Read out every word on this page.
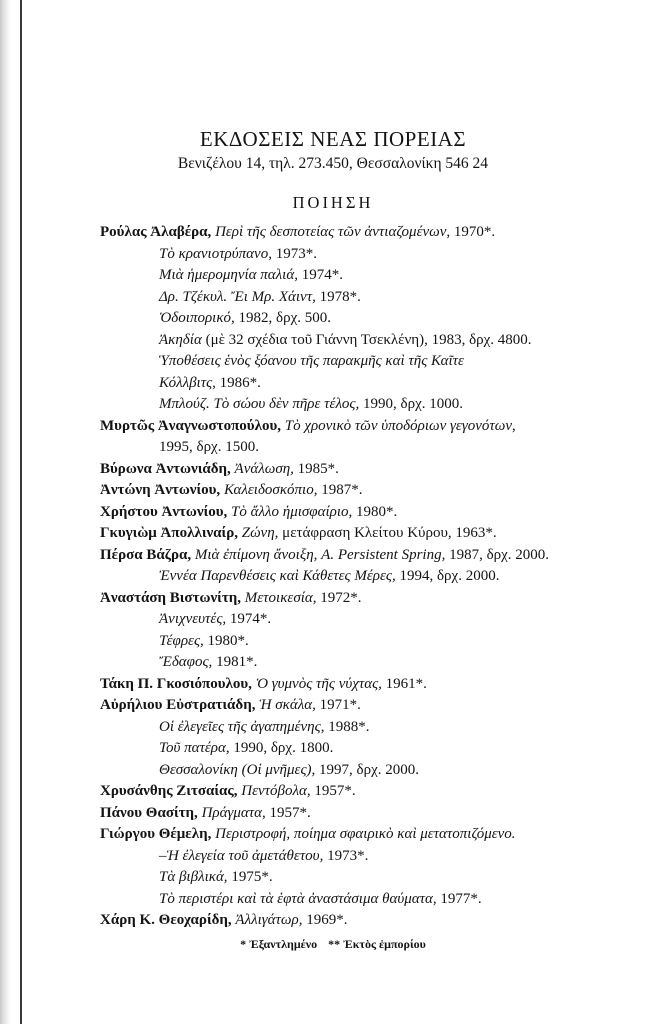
ΕΚΔΟΣΕΙΣ ΝΕΑΣ ΠΟΡΕΙΑΣ
Βενιζέλου 14, τηλ. 273.450, Θεσσαλονίκη 546 24
ΠΟΙΗΣΗ
Ρούλας Ἀλαβέρα, Περὶ τῆς δεσποτείας τῶν ἀντιαζομένων, 1970*.
Τὸ κρανιοτρύπανο, 1973*.
Μιὰ ἡμερομηνία παλιά, 1974*.
Δρ. Τζέκυλ. Ἔι Μρ. Χάιντ, 1978*.
Ὁδοιπορικό, 1982, δρχ. 500.
Ἀκηδία (μὲ 32 σχέδια τοῦ Γιάννη Τσεκλένη), 1983, δρχ. 4800.
Ὑποθέσεις ἑνὸς ξόανου τῆς παρακμῆς καὶ τῆς Καῖτε
Κόλλβιτς, 1986*.
Μπλούζ. Τὸ σώου δὲν πῆρε τέλος, 1990, δρχ. 1000.
Μυρτῶς Ἀναγνωστοπούλου, Τὸ χρονικὸ τῶν ὑποδόριων γεγονότων,
1995, δρχ. 1500.
Βύρωνα Ἀντωνιάδη, Ἀνάλωση, 1985*.
Ἀντώνη Ἀντωνίου, Καλειδοσκόπιο, 1987*.
Χρήστου Ἀντωνίου, Τὸ ἄλλο ἡμισφαίριο, 1980*.
Γκυγιὼμ Ἀπολλιναίρ, Ζώνη, μετάφραση Κλείτου Κύρου, 1963*.
Πέρσα Βάζρα, Μιὰ ἐπίμονη ἄνοιξη, A. Persistent Spring, 1987, δρχ. 2000.
Ἐννέα Παρενθέσεις καὶ Κάθετες Μέρες, 1994, δρχ. 2000.
Ἀναστάση Βιστωνίτη, Μετοικεσία, 1972*.
Ἀνιχνευτές, 1974*.
Τέφρες, 1980*.
Ἔδαφος, 1981*.
Τάκη Π. Γκοσιόπουλου, Ὁ γυμνὸς τῆς νύχτας, 1961*.
Αὐρήλιου Εὐστρατιάδη, Ἡ σκάλα, 1971*.
Οἱ ἐλεγεῖες τῆς ἀγαπημένης, 1988*.
Τοῦ πατέρα, 1990, δρχ. 1800.
Θεσσαλονίκη (Οἱ μνῆμες), 1997, δρχ. 2000.
Χρυσάνθης Ζιτσαίας, Πεντόβολα, 1957*.
Πάνου Θασίτη, Πράγματα, 1957*.
Γιώργου Θέμελη, Περιστροφή, ποίημα σφαιρικὸ καὶ μετατοπιζόμενο.
–Ἡ ἐλεγεία τοῦ ἀμετάθετου, 1973*.
Τὰ βιβλικά, 1975*.
Τὸ περιστέρι καὶ τὰ ἑφτὰ ἀναστάσιμα θαύματα, 1977*.
Χάρη Κ. Θεοχαρίδη, Ἀλλιγάτωρ, 1969*.
* Ἐξαντλημένο ** Ἐκτὸς ἐμπορίου
